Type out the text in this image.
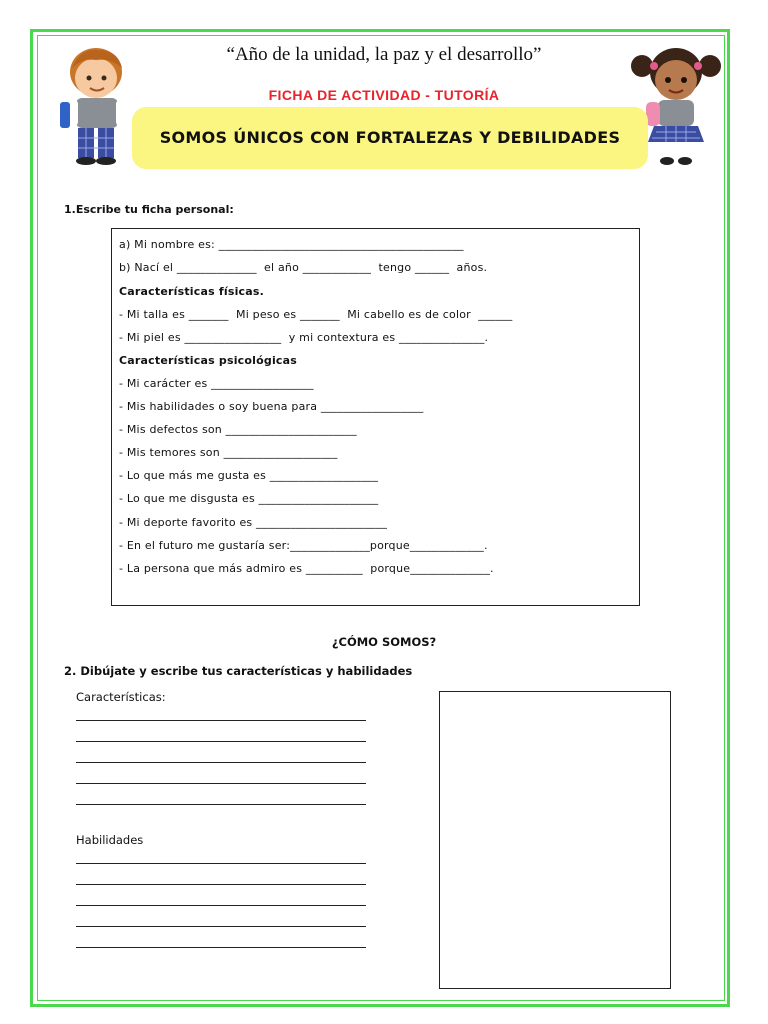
“Año de la unidad, la paz y el desarrollo”
FICHA DE ACTIVIDAD - TUTORÍA
SOMOS ÚNICOS CON FORTALEZAS Y DEBILIDADES
1.Escribe tu ficha personal:
a) Mi nombre es: ___________________________________________
b) Nací el ______________  el año ____________  tengo ______  años.
Características físicas.
- Mi talla es _______  Mi peso es _______  Mi cabello es de color  ______
- Mi piel es _________________  y mi contextura es _______________.
Características psicológicas
- Mi carácter es __________________
- Mis habilidades o soy buena para __________________
- Mis defectos son _______________________
- Mis temores son ____________________
- Lo que más me gusta es ___________________
- Lo que me disgusta es _____________________
- Mi deporte favorito es _______________________
- En el futuro me gustaría ser:______________porque_____________.
- La persona que más admiro es __________  porque______________.
¿CÓMO SOMOS?
2. Dibújate y escribe tus características y habilidades
Características:
Habilidades
